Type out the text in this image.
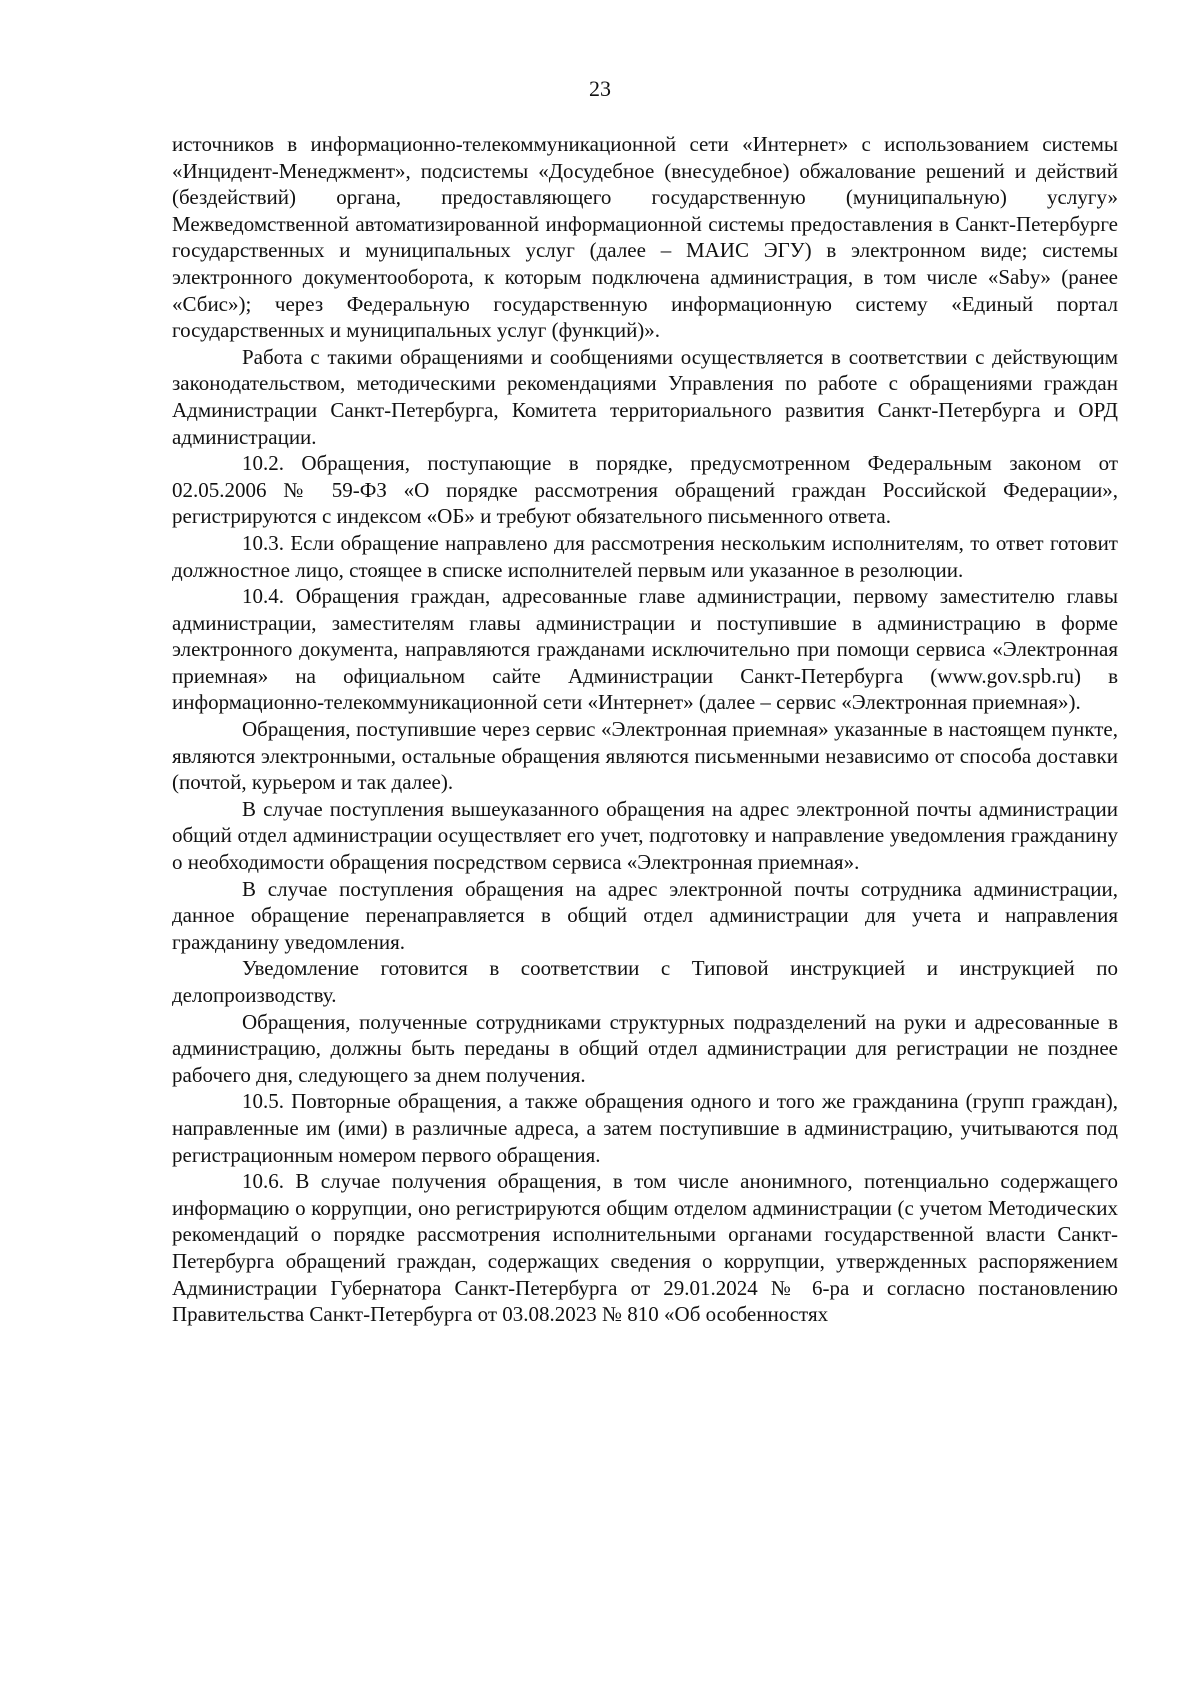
23

источников в информационно-телекоммуникационной сети «Интернет» с использованием системы «Инцидент-Менеджмент», подсистемы «Досудебное (внесудебное) обжалование решений и действий (бездействий) органа, предоставляющего государственную (муниципальную) услугу» Межведомственной автоматизированной информационной системы предоставления в Санкт-Петербурге государственных и муниципальных услуг (далее – МАИС ЭГУ) в электронном виде; системы электронного документооборота, к которым подключена администрация, в том числе «Saby» (ранее «Сбис»); через Федеральную государственную информационную систему «Единый портал государственных и муниципальных услуг (функций)».

Работа с такими обращениями и сообщениями осуществляется в соответствии с действующим законодательством, методическими рекомендациями Управления по работе с обращениями граждан Администрации Санкт-Петербурга, Комитета территориального развития Санкт-Петербурга и ОРД администрации.

10.2. Обращения, поступающие в порядке, предусмотренном Федеральным законом от 02.05.2006 № 59-ФЗ «О порядке рассмотрения обращений граждан Российской Федерации», регистрируются с индексом «ОБ» и требуют обязательного письменного ответа.

10.3. Если обращение направлено для рассмотрения нескольким исполнителям, то ответ готовит должностное лицо, стоящее в списке исполнителей первым или указанное в резолюции.

10.4. Обращения граждан, адресованные главе администрации, первому заместителю главы администрации, заместителям главы администрации и поступившие в администрацию в форме электронного документа, направляются гражданами исключительно при помощи сервиса «Электронная приемная» на официальном сайте Администрации Санкт-Петербурга (www.gov.spb.ru) в информационно-телекоммуникационной сети «Интернет» (далее – сервис «Электронная приемная»).

Обращения, поступившие через сервис «Электронная приемная» указанные в настоящем пункте, являются электронными, остальные обращения являются письменными независимо от способа доставки (почтой, курьером и так далее).

В случае поступления вышеуказанного обращения на адрес электронной почты администрации общий отдел администрации осуществляет его учет, подготовку и направление уведомления гражданину о необходимости обращения посредством сервиса «Электронная приемная».

В случае поступления обращения на адрес электронной почты сотрудника администрации, данное обращение перенаправляется в общий отдел администрации для учета и направления гражданину уведомления.

Уведомление готовится в соответствии с Типовой инструкцией и инструкцией по делопроизводству.

Обращения, полученные сотрудниками структурных подразделений на руки и адресованные в администрацию, должны быть переданы в общий отдел администрации для регистрации не позднее рабочего дня, следующего за днем получения.

10.5. Повторные обращения, а также обращения одного и того же гражданина (групп граждан), направленные им (ими) в различные адреса, а затем поступившие в администрацию, учитываются под регистрационным номером первого обращения.

10.6. В случае получения обращения, в том числе анонимного, потенциально содержащего информацию о коррупции, оно регистрируются общим отделом администрации (с учетом Методических рекомендаций о порядке рассмотрения исполнительными органами государственной власти Санкт-Петербурга обращений граждан, содержащих сведения о коррупции, утвержденных распоряжением Администрации Губернатора Санкт-Петербурга от 29.01.2024 № 6-ра и согласно постановлению Правительства Санкт-Петербурга от 03.08.2023 № 810 «Об особенностях
